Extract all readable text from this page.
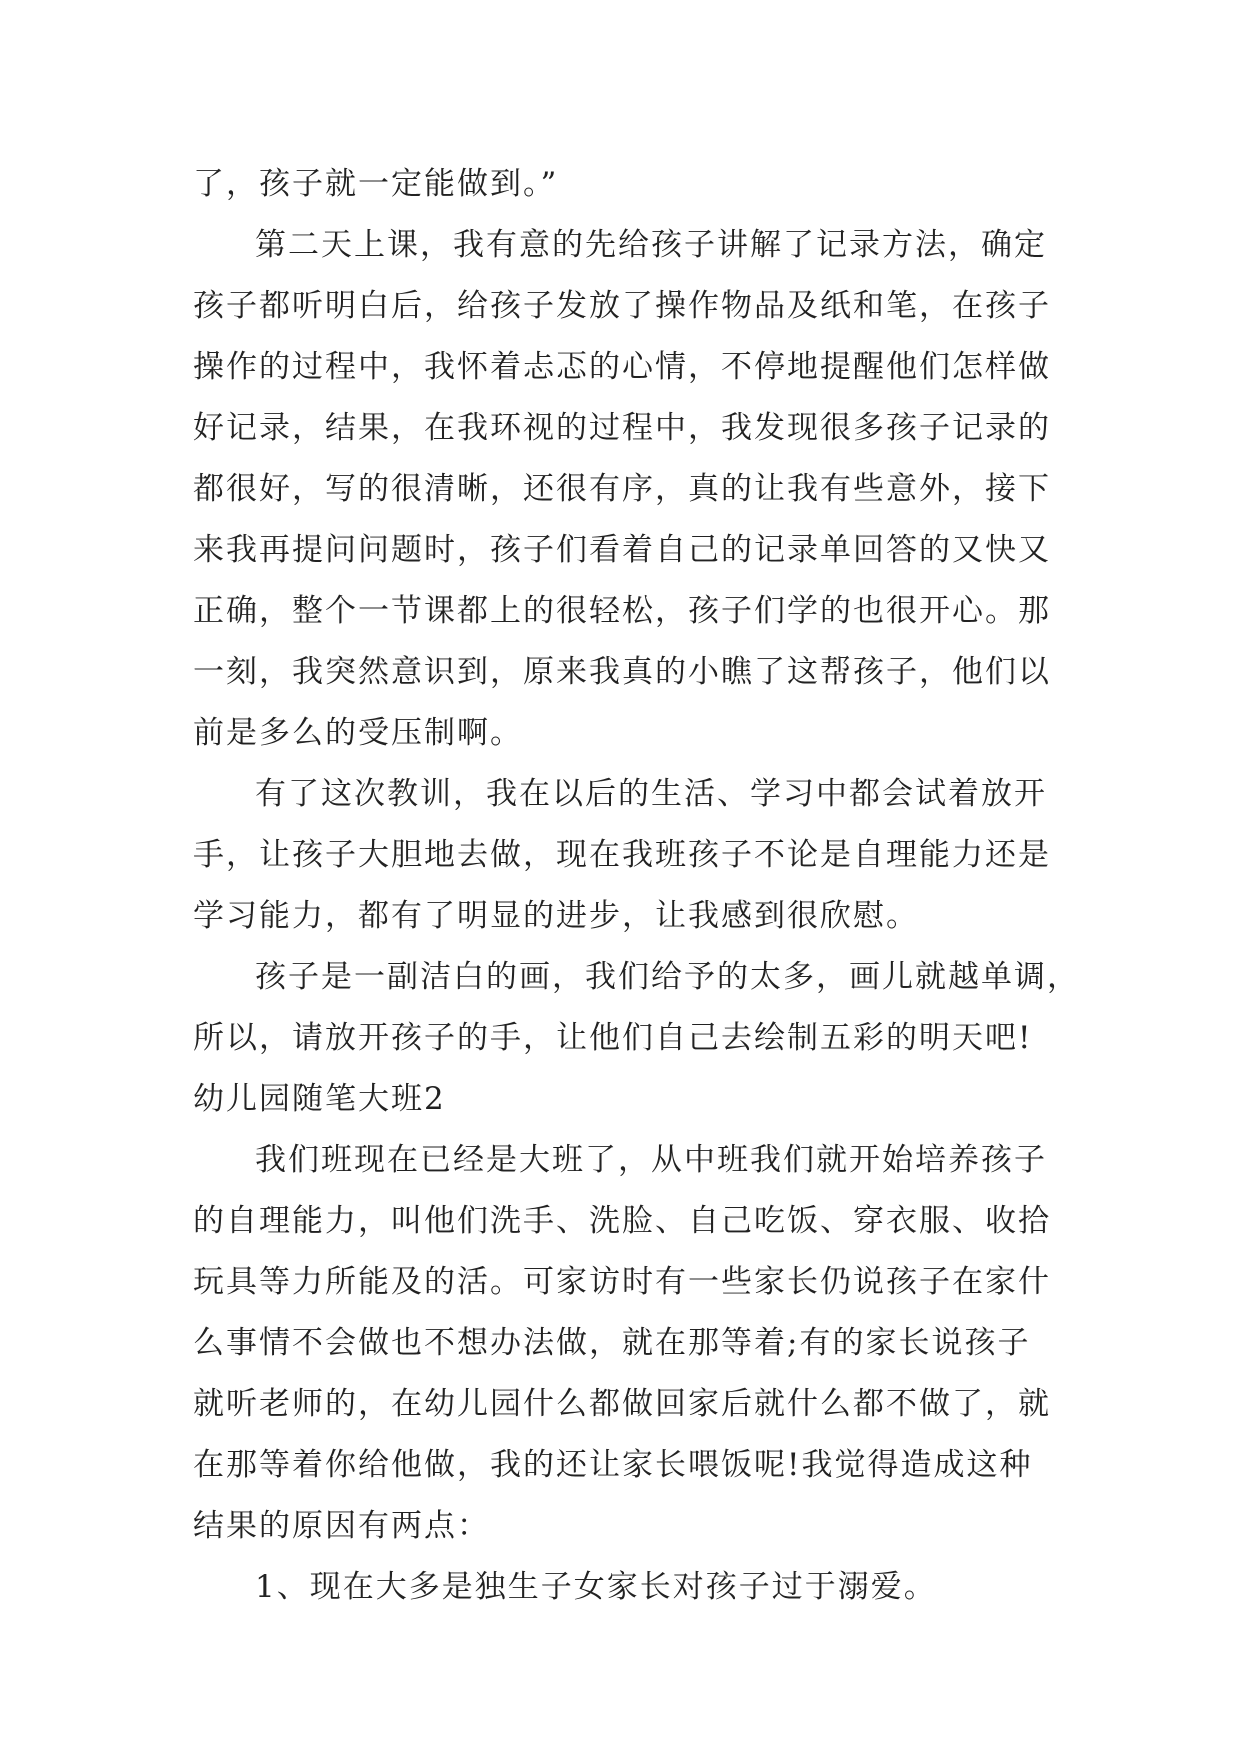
了，孩子就一定能做到。”
第二天上课，我有意的先给孩子讲解了记录方法，确定
孩子都听明白后，给孩子发放了操作物品及纸和笔，在孩子
操作的过程中，我怀着忐忑的心情，不停地提醒他们怎样做
好记录，结果，在我环视的过程中，我发现很多孩子记录的
都很好，写的很清晰，还很有序，真的让我有些意外，接下
来我再提问问题时，孩子们看着自己的记录单回答的又快又
正确，整个一节课都上的很轻松，孩子们学的也很开心。那
一刻，我突然意识到，原来我真的小瞧了这帮孩子，他们以
前是多么的受压制啊。
有了这次教训，我在以后的生活、学习中都会试着放开
手，让孩子大胆地去做，现在我班孩子不论是自理能力还是
学习能力，都有了明显的进步，让我感到很欣慰。
孩子是一副洁白的画，我们给予的太多，画儿就越单调，
所以，请放开孩子的手，让他们自己去绘制五彩的明天吧!
幼儿园随笔大班2
我们班现在已经是大班了，从中班我们就开始培养孩子
的自理能力，叫他们洗手、洗脸、自己吃饭、穿衣服、收拾
玩具等力所能及的活。可家访时有一些家长仍说孩子在家什
么事情不会做也不想办法做，就在那等着;有的家长说孩子
就听老师的，在幼儿园什么都做回家后就什么都不做了，就
在那等着你给他做，我的还让家长喂饭呢!我觉得造成这种
结果的原因有两点：
1、现在大多是独生子女家长对孩子过于溺爱。
